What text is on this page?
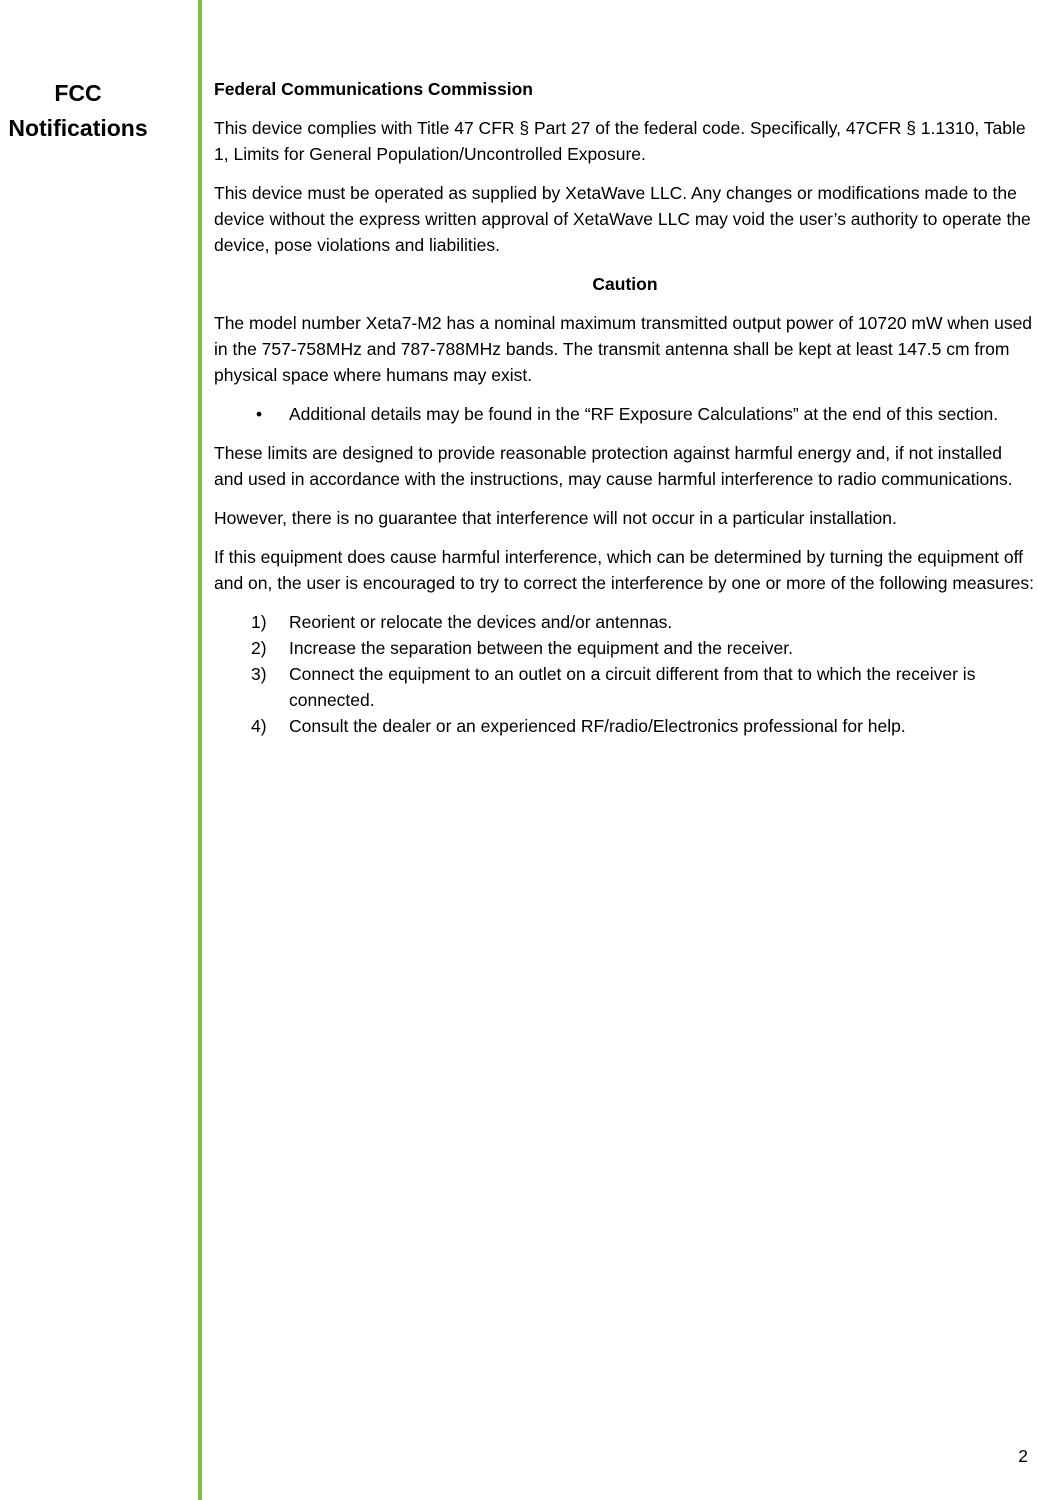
FCC
Notifications

Federal Communications Commission

This device complies with Title 47 CFR § Part 27 of the federal code. Specifically, 47CFR § 1.1310, Table 1, Limits for General Population/Uncontrolled Exposure.

This device must be operated as supplied by XetaWave LLC. Any changes or modifications made to the device without the express written approval of XetaWave LLC may void the user’s authority to operate the device, pose violations and liabilities.

Caution

The model number Xeta7-M2 has a nominal maximum transmitted output power of 10720 mW when used in the 757-758MHz and 787-788MHz bands. The transmit antenna shall be kept at least 147.5 cm from physical space where humans may exist.

• Additional details may be found in the “RF Exposure Calculations” at the end of this section.

These limits are designed to provide reasonable protection against harmful energy and, if not installed and used in accordance with the instructions, may cause harmful interference to radio communications.

However, there is no guarantee that interference will not occur in a particular installation.

If this equipment does cause harmful interference, which can be determined by turning the equipment off and on, the user is encouraged to try to correct the interference by one or more of the following measures:

1) Reorient or relocate the devices and/or antennas.
2) Increase the separation between the equipment and the receiver.
3) Connect the equipment to an outlet on a circuit different from that to which the receiver is connected.
4) Consult the dealer or an experienced RF/radio/Electronics professional for help.
2
